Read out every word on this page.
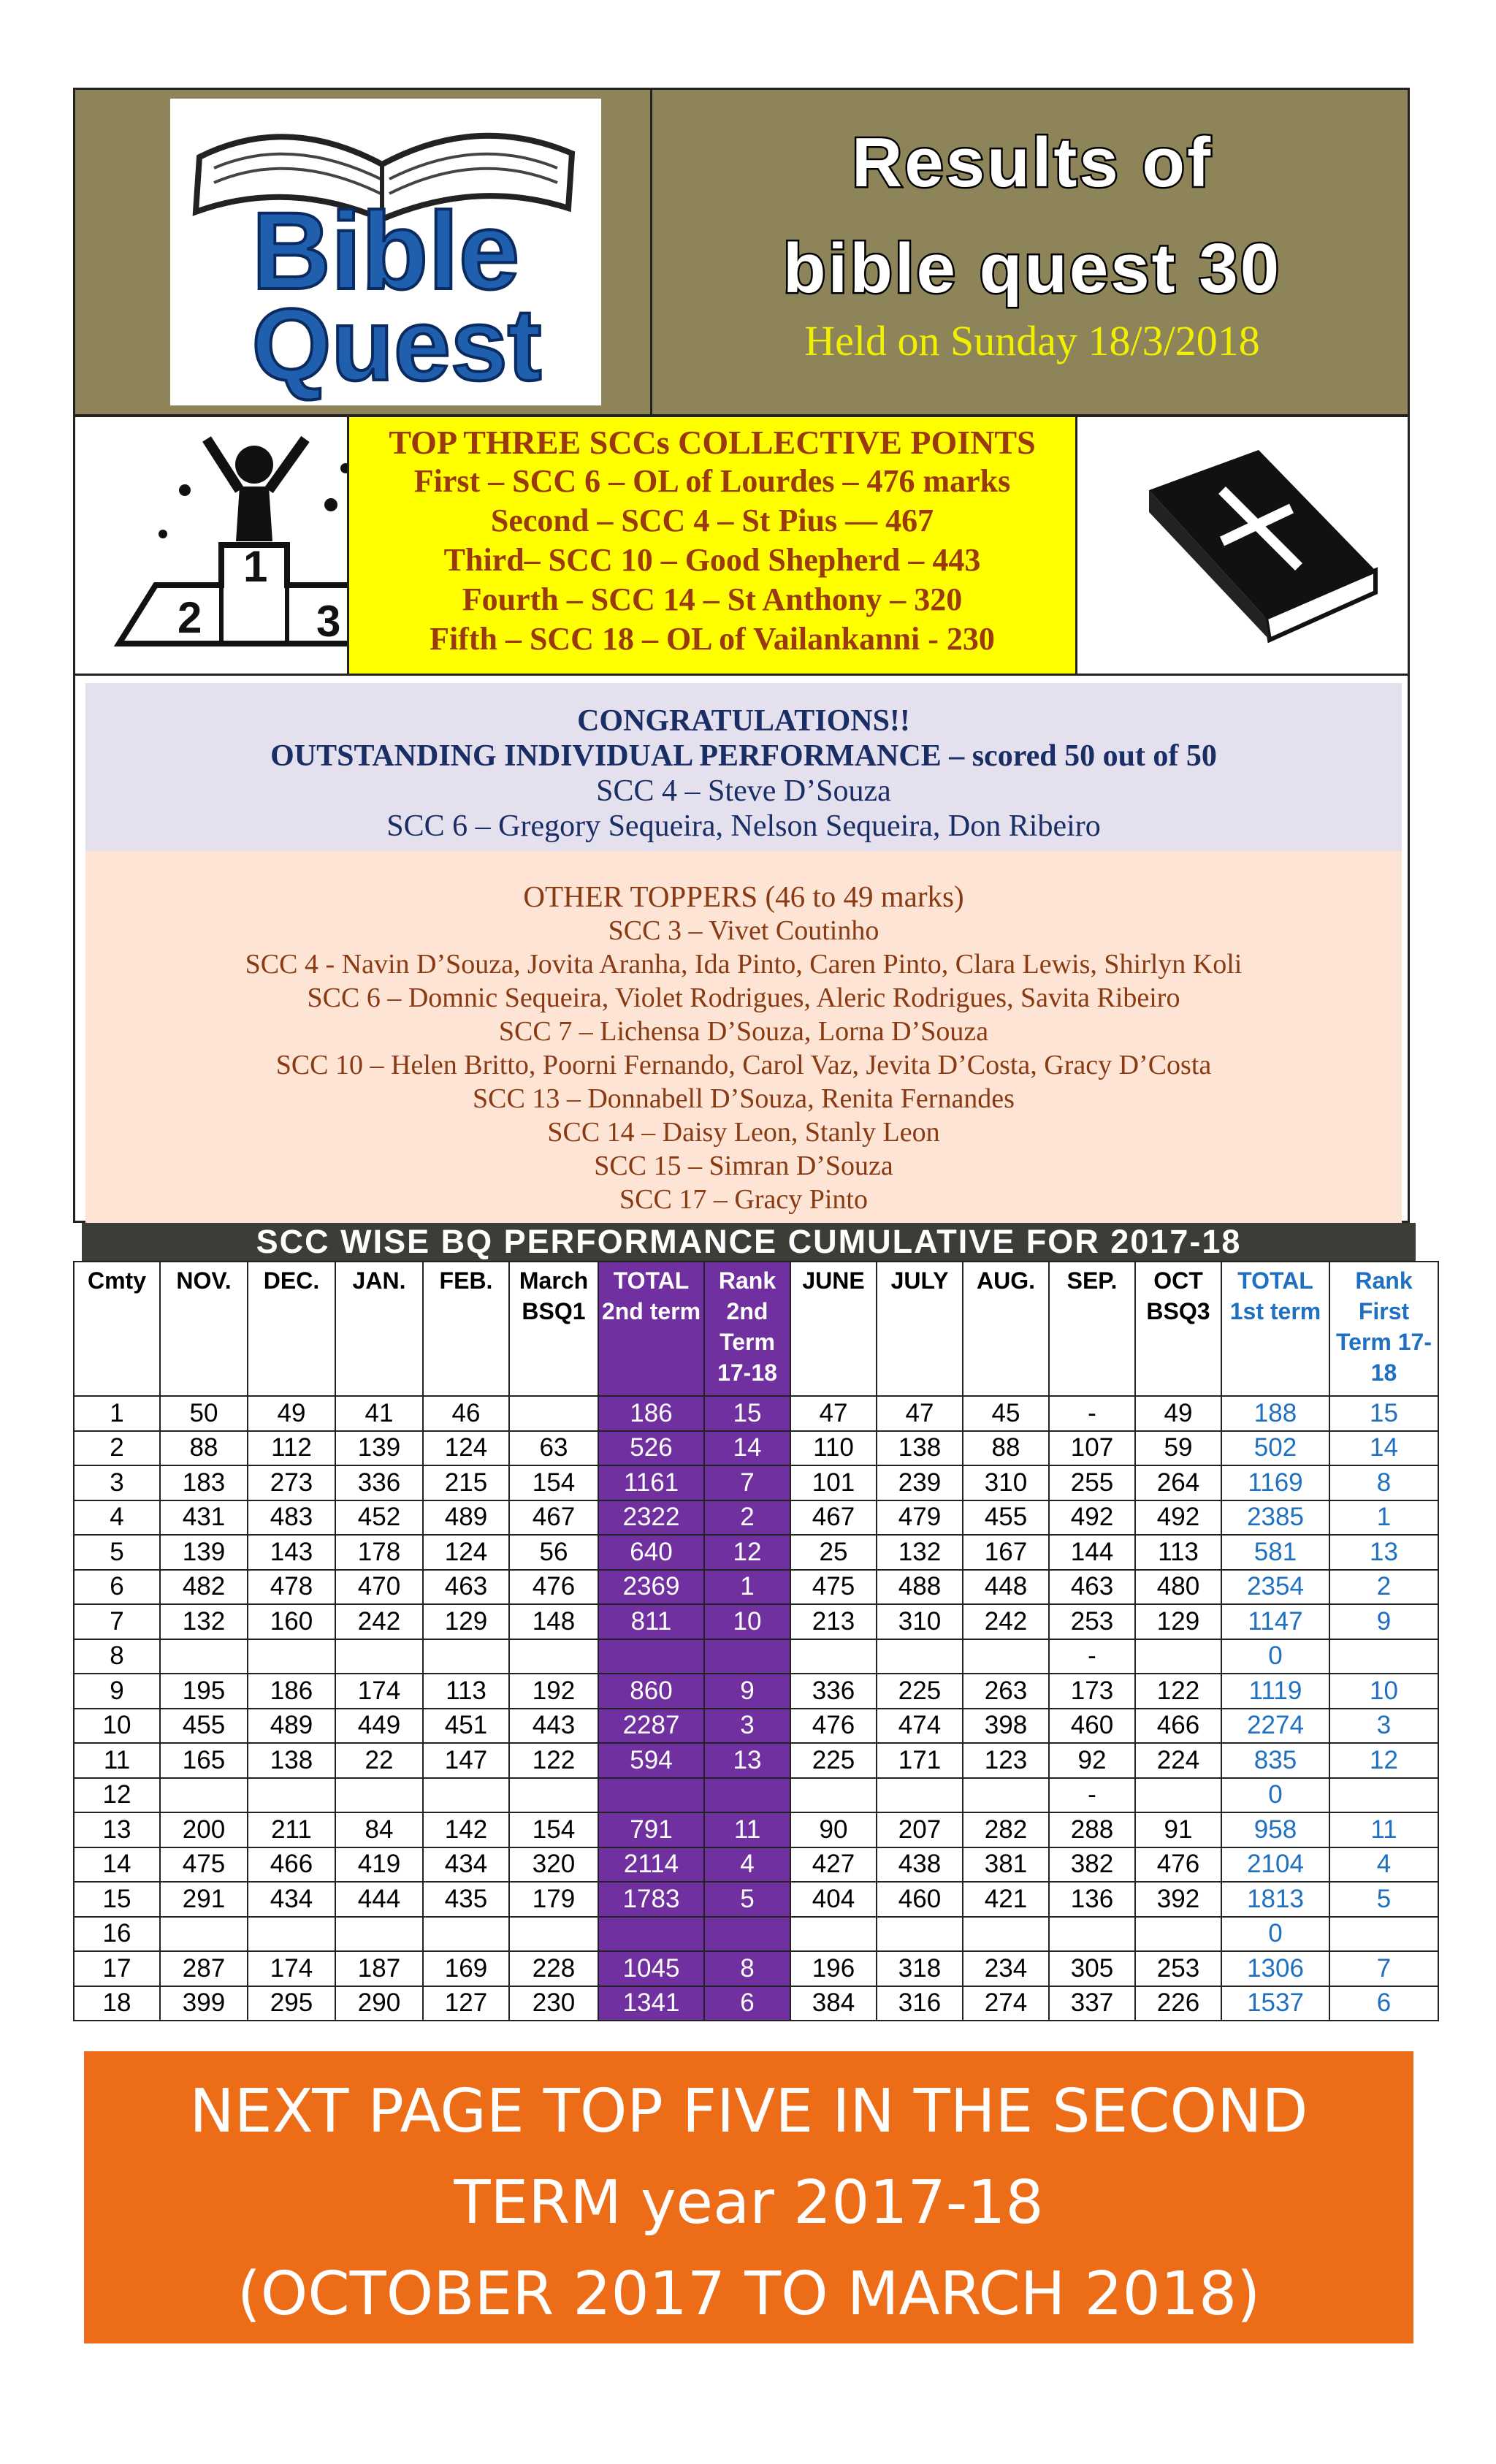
Bible
Quest
Results of
bible quest 30
Held on Sunday 18/3/2018
2
1
3
TOP THREE SCCs COLLECTIVE POINTS
First – SCC 6 – OL of Lourdes – 476 marks
Second – SCC 4 – St Pius –– 467
Third– SCC 10 – Good Shepherd – 443
Fourth – SCC 14 – St Anthony – 320
Fifth – SCC 18 – OL of Vailankanni - 230
CONGRATULATIONS!!
OUTSTANDING INDIVIDUAL PERFORMANCE – scored 50 out of 50
SCC 4 – Steve D’Souza
SCC 6 – Gregory Sequeira, Nelson Sequeira, Don Ribeiro
OTHER TOPPERS (46 to 49 marks)
SCC 3 – Vivet Coutinho
SCC 4 - Navin D’Souza, Jovita Aranha, Ida Pinto, Caren Pinto, Clara Lewis, Shirlyn Koli
SCC 6 – Domnic Sequeira, Violet Rodrigues, Aleric Rodrigues, Savita Ribeiro
SCC 7 – Lichensa D’Souza, Lorna D’Souza
SCC 10 – Helen Britto, Poorni Fernando, Carol Vaz, Jevita D’Costa, Gracy D’Costa
SCC 13 – Donnabell D’Souza, Renita Fernandes
SCC 14 – Daisy Leon, Stanly Leon
SCC 15 – Simran D’Souza
SCC 17 – Gracy Pinto
SCC WISE BQ PERFORMANCE CUMULATIVE FOR 2017-18
Cmty	NOV.	DEC.	JAN.	FEB.	March BSQ1	TOTAL 2nd term	Rank 2nd Term 17-18	JUNE	JULY	AUG.	SEP.	OCT BSQ3	TOTAL 1st term	Rank First Term 17-18
1	50	49	41	46		186	15	47	47	45	-	49	188	15
2	88	112	139	124	63	526	14	110	138	88	107	59	502	14
3	183	273	336	215	154	1161	7	101	239	310	255	264	1169	8
4	431	483	452	489	467	2322	2	467	479	455	492	492	2385	1
5	139	143	178	124	56	640	12	25	132	167	144	113	581	13
6	482	478	470	463	476	2369	1	475	488	448	463	480	2354	2
7	132	160	242	129	148	811	10	213	310	242	253	129	1147	9
8											-		0	
9	195	186	174	113	192	860	9	336	225	263	173	122	1119	10
10	455	489	449	451	443	2287	3	476	474	398	460	466	2274	3
11	165	138	22	147	122	594	13	225	171	123	92	224	835	12
12											-		0	
13	200	211	84	142	154	791	11	90	207	282	288	91	958	11
14	475	466	419	434	320	2114	4	427	438	381	382	476	2104	4
15	291	434	444	435	179	1783	5	404	460	421	136	392	1813	5
16													0	
17	287	174	187	169	228	1045	8	196	318	234	305	253	1306	7
18	399	295	290	127	230	1341	6	384	316	274	337	226	1537	6
NEXT PAGE TOP FIVE IN THE SECOND
TERM year 2017-18
(OCTOBER 2017 TO MARCH 2018)
